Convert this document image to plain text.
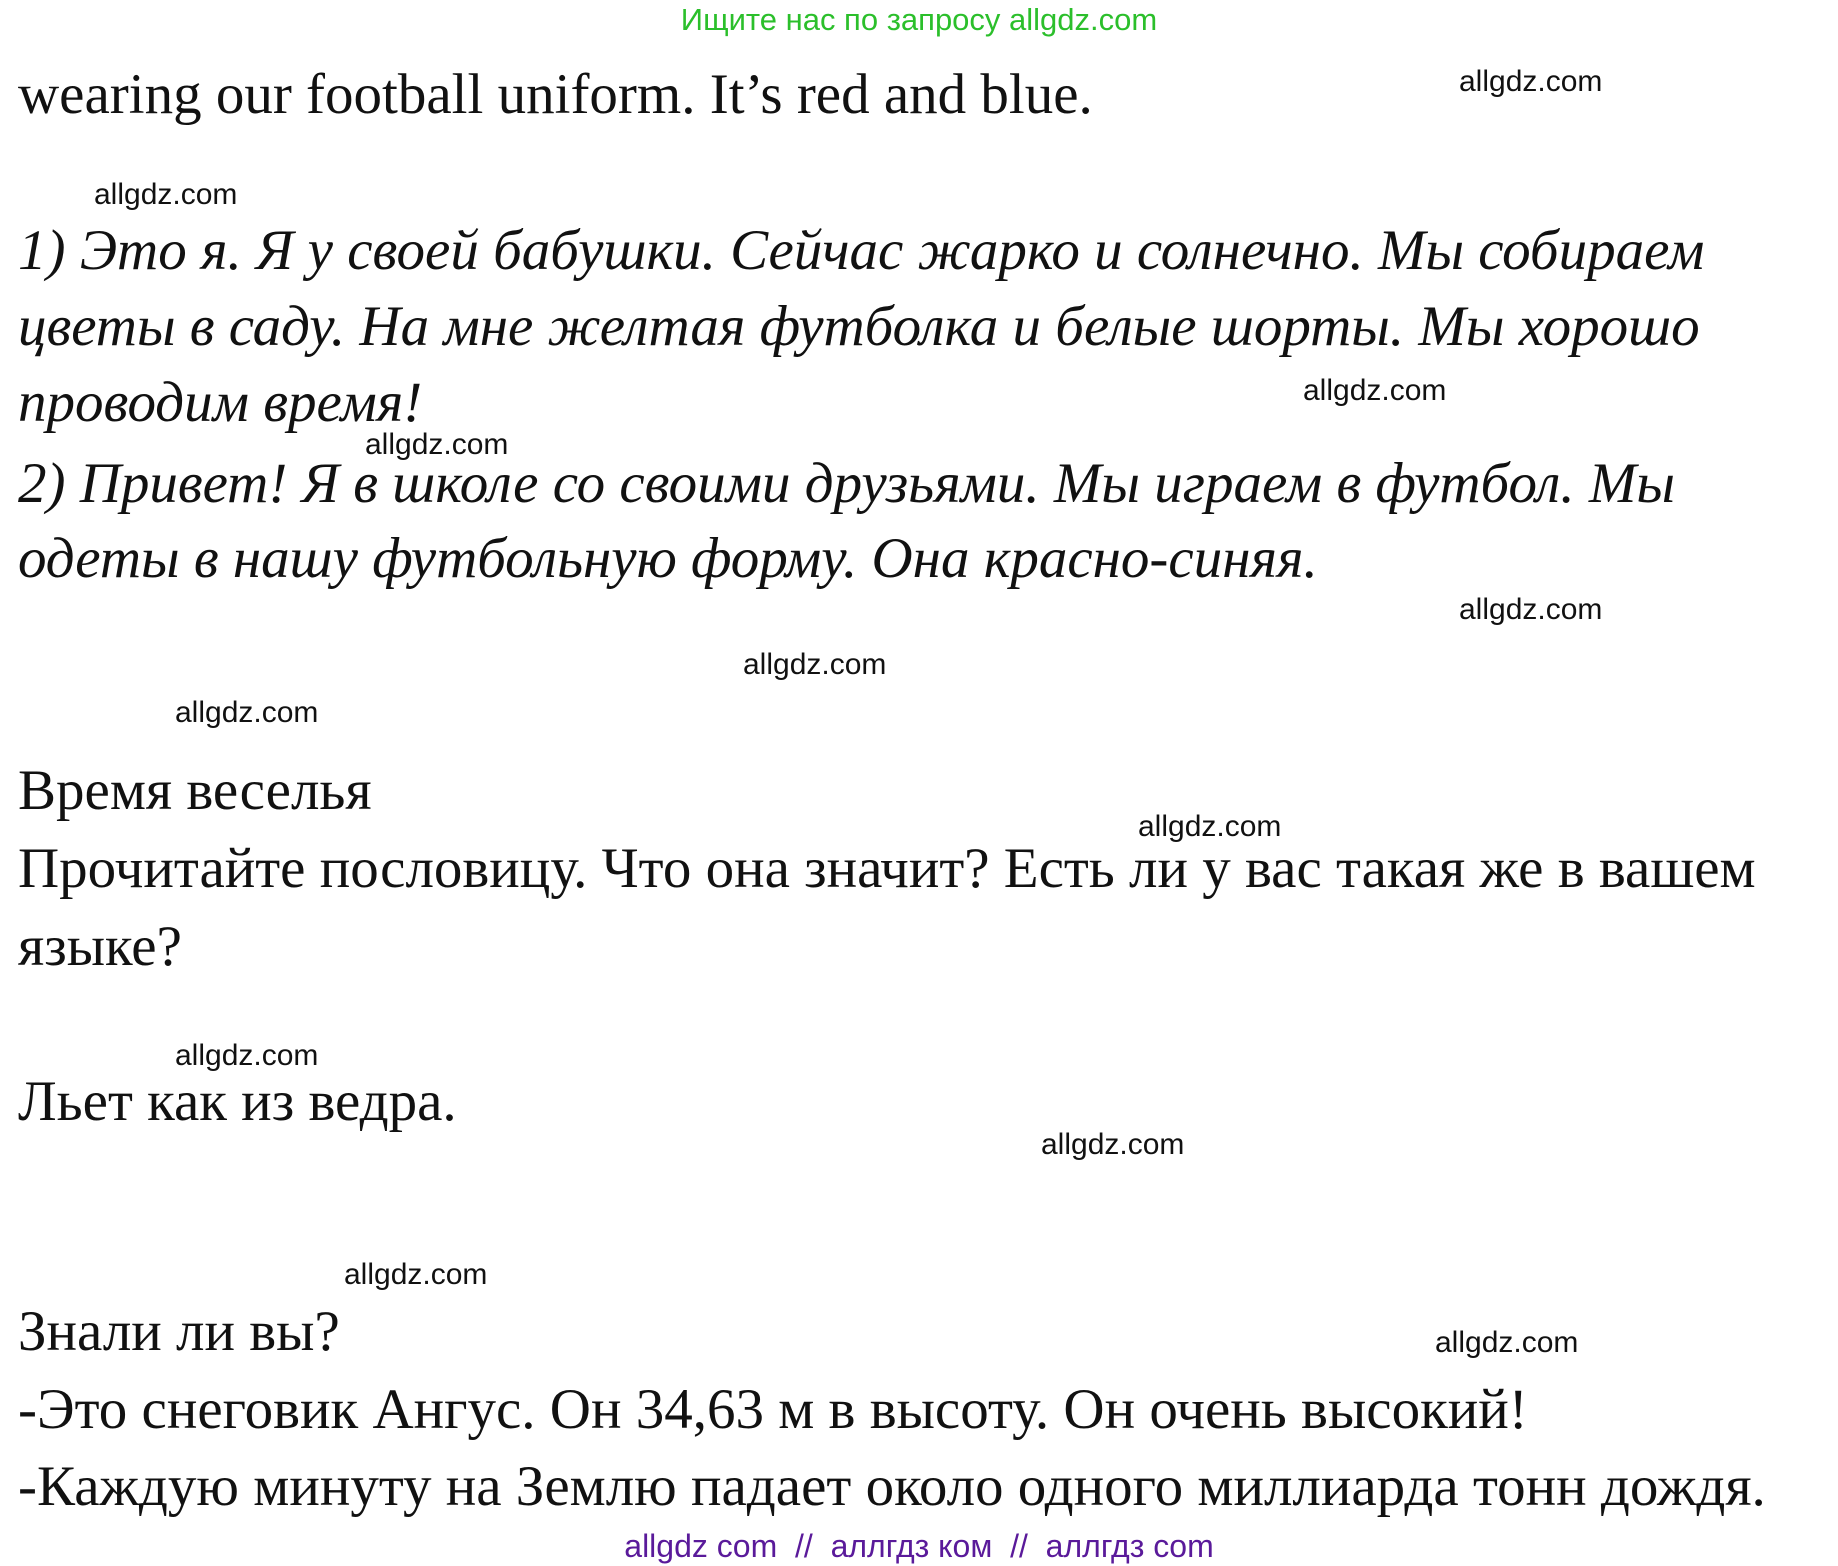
Ищите нас по запросу allgdz.com
wearing our football uniform. It’s red and blue.
1) Это я. Я у своей бабушки. Сейчас жарко и солнечно. Мы собираем
цветы в саду. На мне желтая футболка и белые шорты. Мы хорошо
проводим время!
2) Привет! Я в школе со своими друзьями. Мы играем в футбол. Мы
одеты в нашу футбольную форму. Она красно-синяя.
Время веселья
Прочитайте пословицу. Что она значит? Есть ли у вас такая же в вашем
языке?
Льет как из ведра.
Знали ли вы?
-Это снеговик Ангус. Он 34,63 м в высоту. Он очень высокий!
-Каждую минуту на Землю падает около одного миллиарда тонн дождя.
allgdz.com
allgdz.com
allgdz.com
allgdz.com
allgdz.com
allgdz.com
allgdz.com
allgdz.com
allgdz.com
allgdz.com
allgdz.com
allgdz.com
allgdz com  //  аллгдз ком  //  аллгдз com
